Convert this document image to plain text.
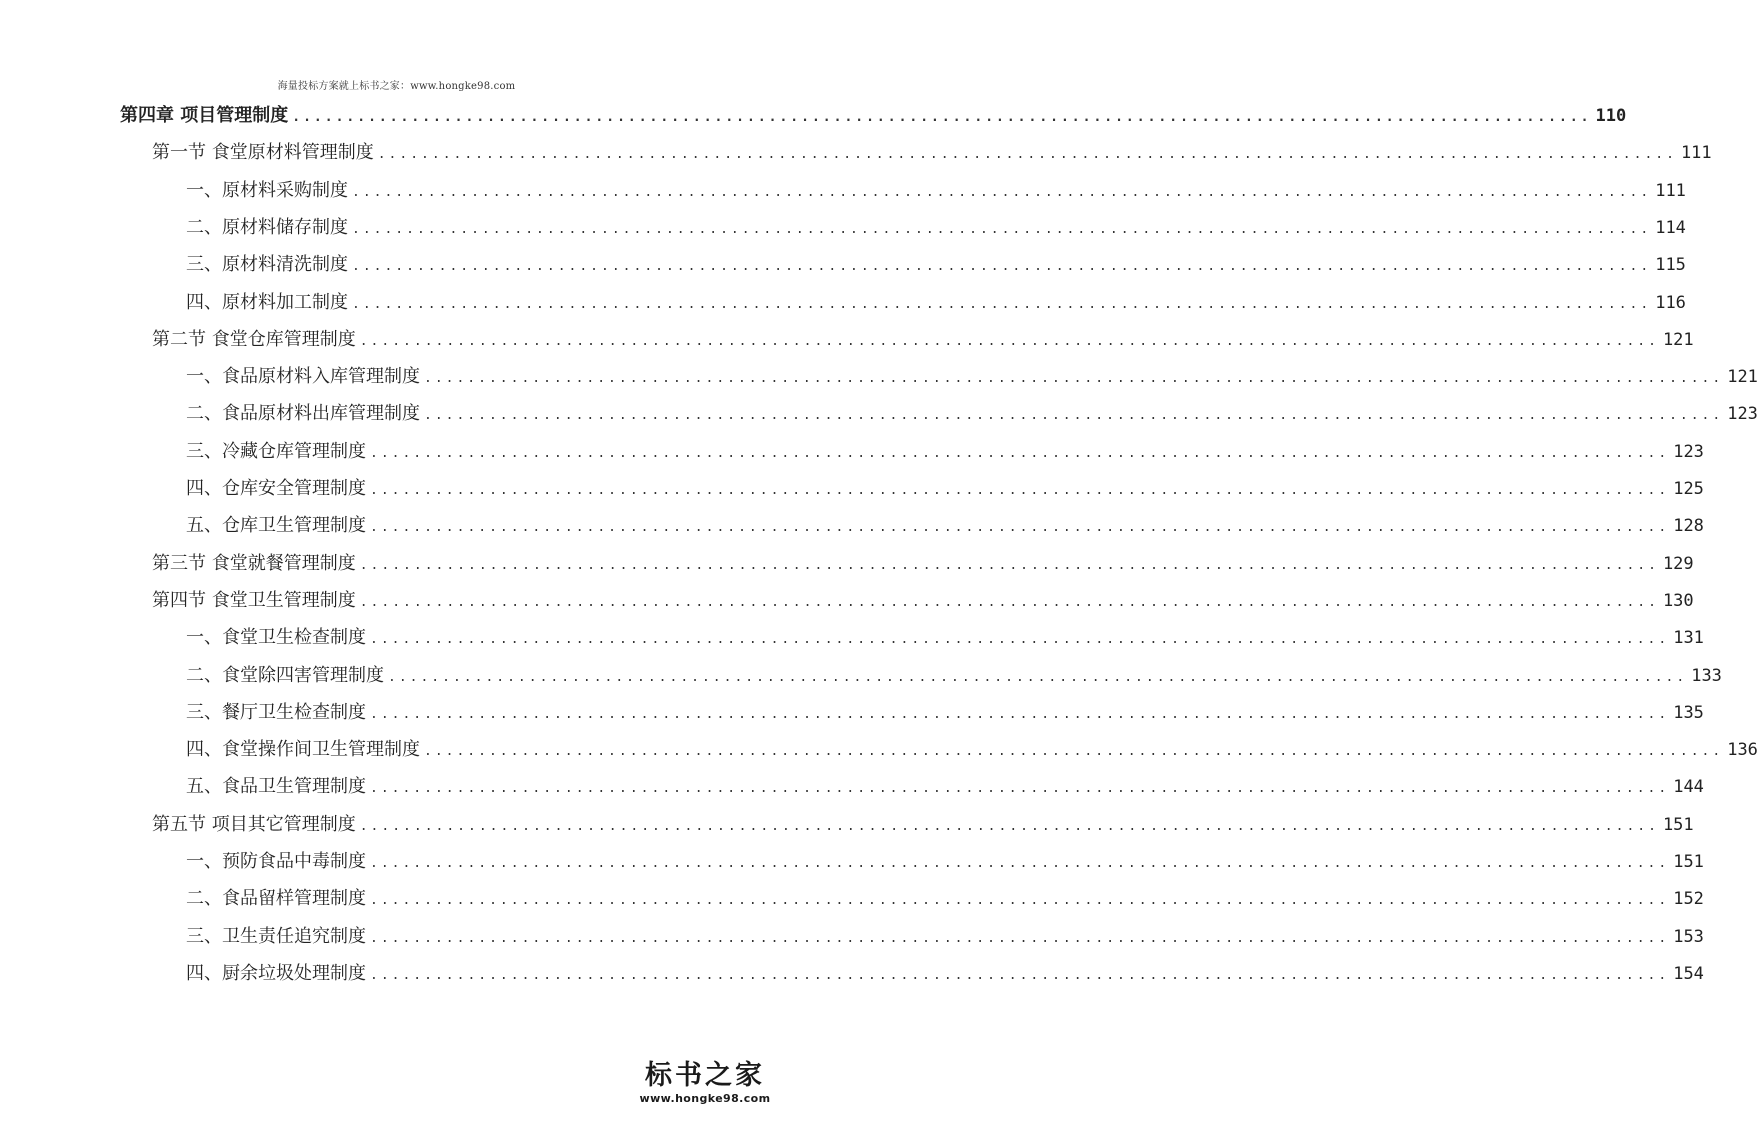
海量投标方案就上标书之家：www.hongke98.com
第四章 项目管理制度 ........................................................................................................................ 110
第一节 食堂原材料管理制度 ........................................................................................................................ 111
一、原材料采购制度 ........................................................................................................................ 111
二、原材料储存制度 ........................................................................................................................ 114
三、原材料清洗制度 ........................................................................................................................ 115
四、原材料加工制度 ........................................................................................................................ 116
第二节 食堂仓库管理制度 ........................................................................................................................ 121
一、食品原材料入库管理制度 ........................................................................................................................ 121
二、食品原材料出库管理制度 ........................................................................................................................ 123
三、冷藏仓库管理制度 ........................................................................................................................ 123
四、仓库安全管理制度 ........................................................................................................................ 125
五、仓库卫生管理制度 ........................................................................................................................ 128
第三节 食堂就餐管理制度 ........................................................................................................................ 129
第四节 食堂卫生管理制度 ........................................................................................................................ 130
一、食堂卫生检查制度 ........................................................................................................................ 131
二、食堂除四害管理制度 ........................................................................................................................ 133
三、餐厅卫生检查制度 ........................................................................................................................ 135
四、食堂操作间卫生管理制度 ........................................................................................................................ 136
五、食品卫生管理制度 ........................................................................................................................ 144
第五节 项目其它管理制度 ........................................................................................................................ 151
一、预防食品中毒制度 ........................................................................................................................ 151
二、食品留样管理制度 ........................................................................................................................ 152
三、卫生责任追究制度 ........................................................................................................................ 153
四、厨余垃圾处理制度 ........................................................................................................................ 154
标书之家
www.hongke98.com
